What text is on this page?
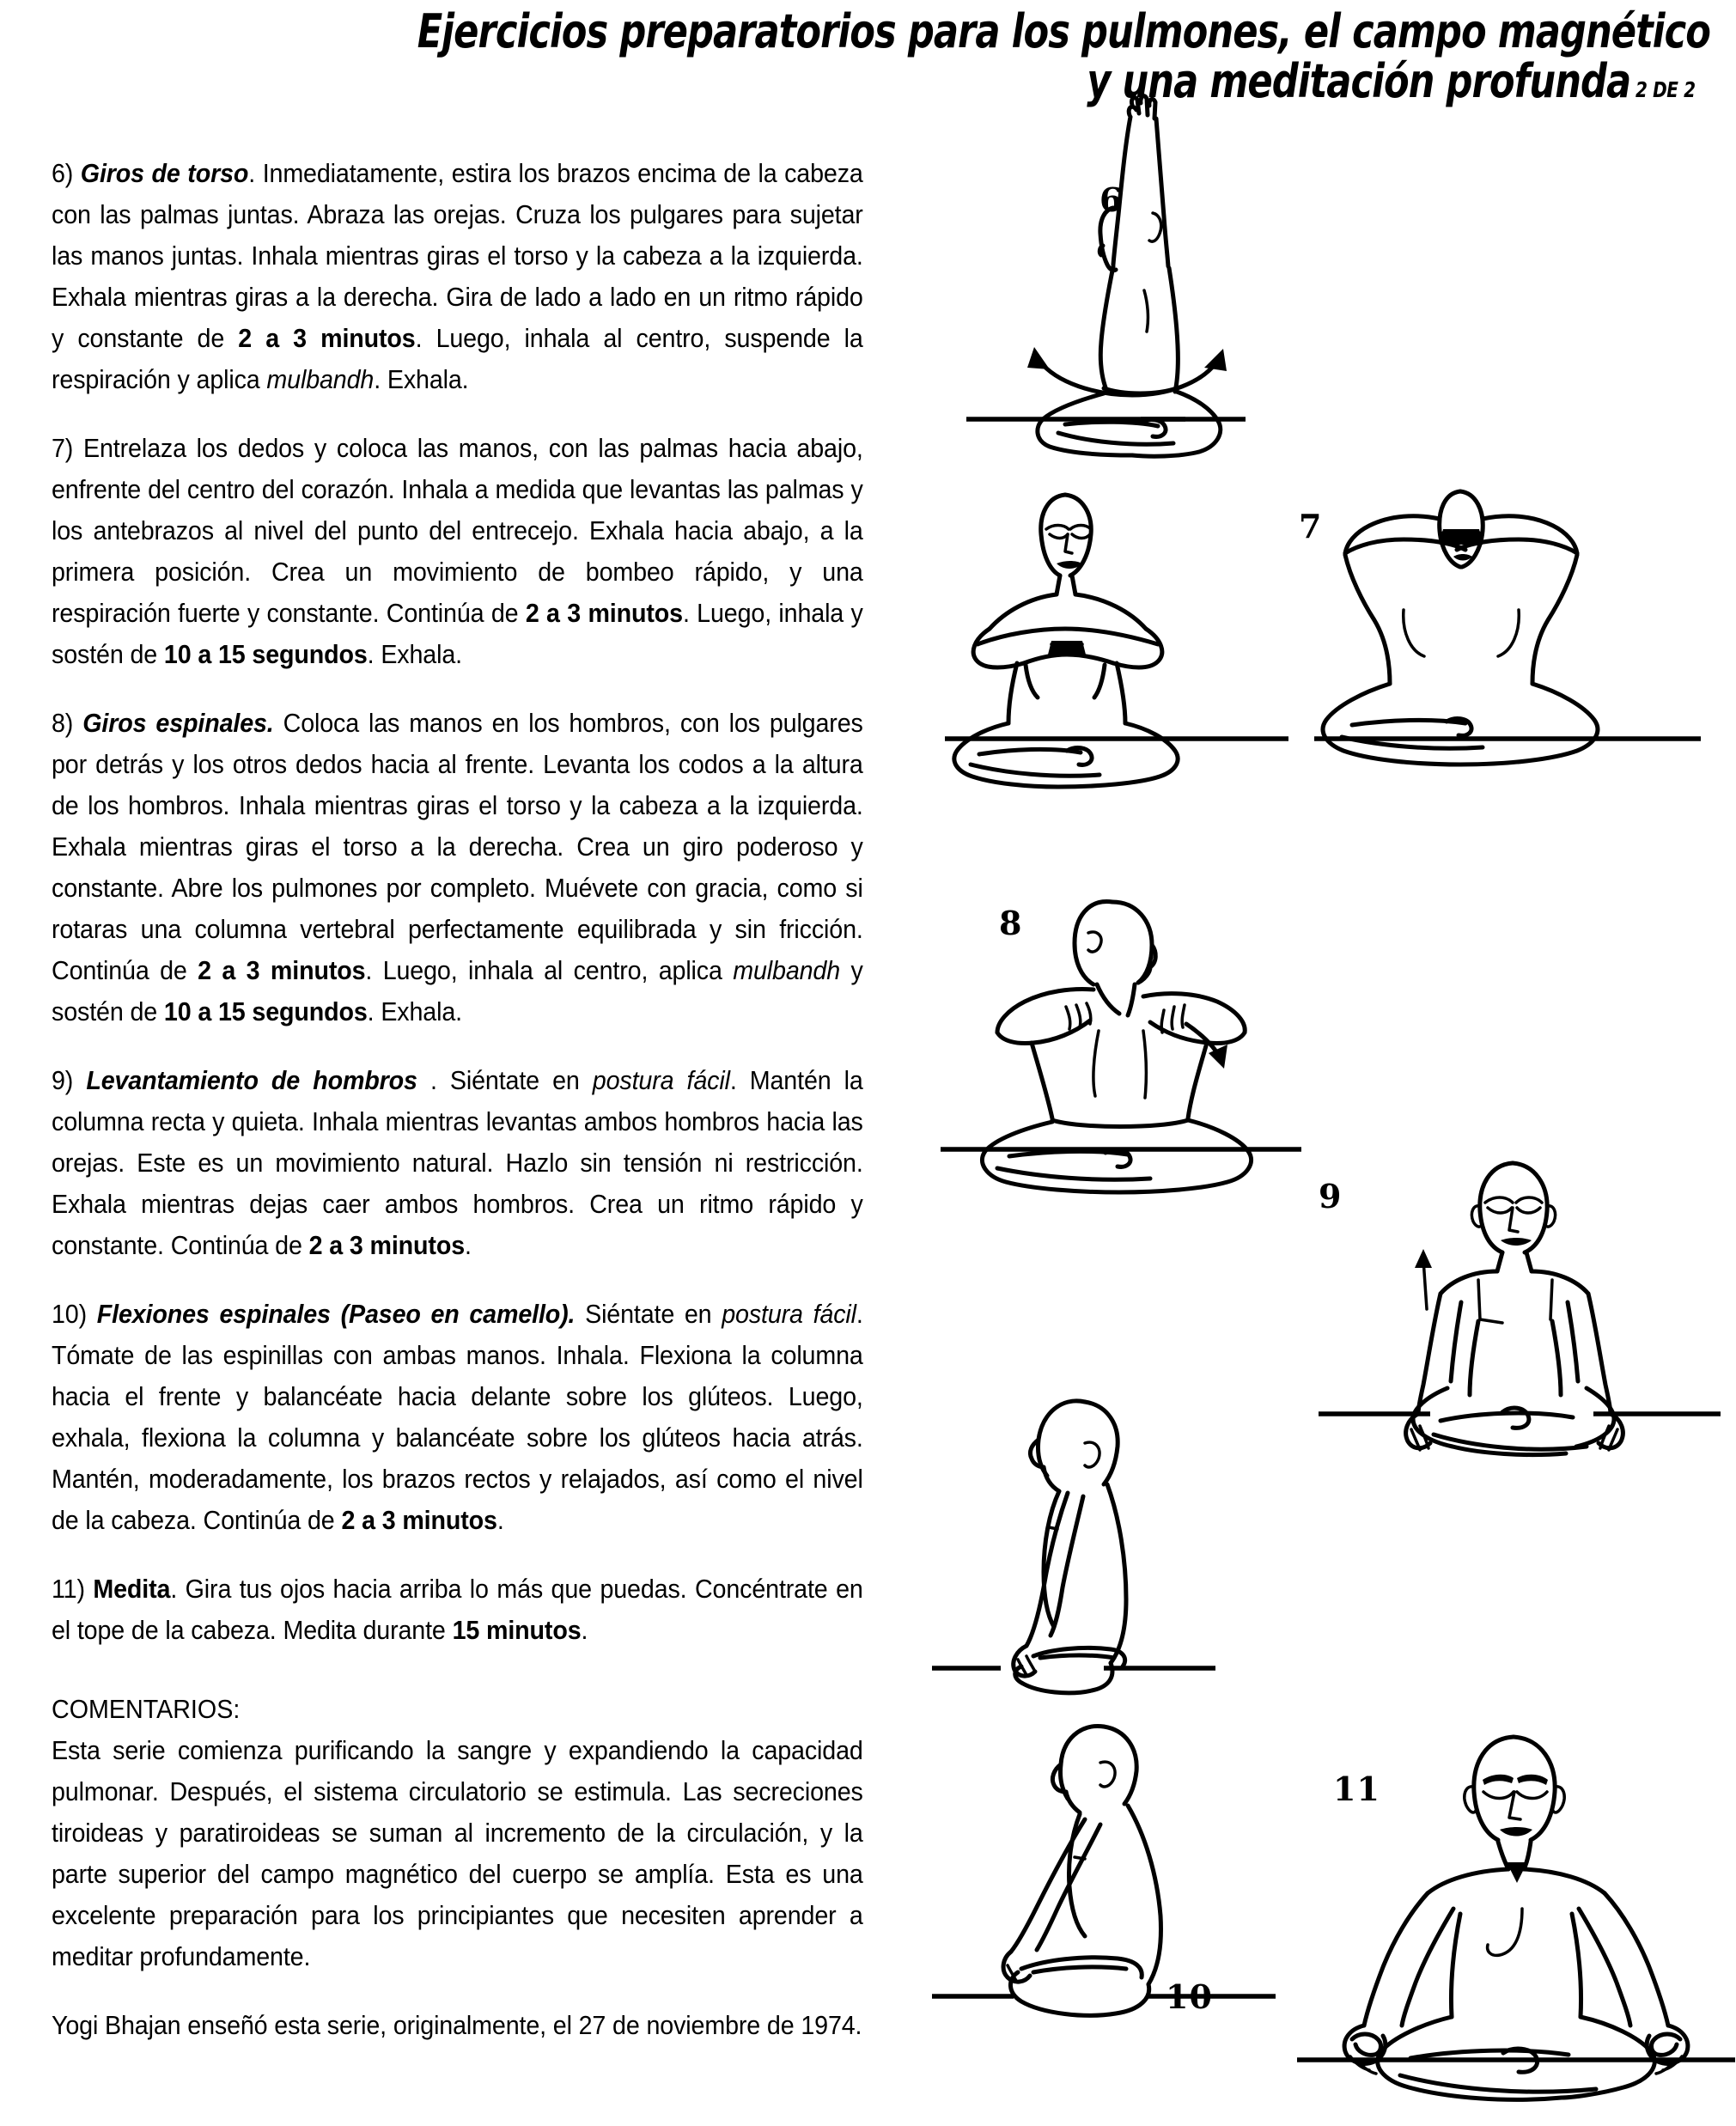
Ejercicios preparatorios para los pulmones, el campo magnético
y una meditación profunda 2 DE 2

6) Giros de torso. Inmediatamente, estira los brazos encima de la cabeza con las palmas juntas. Abraza las orejas. Cruza los pulgares para sujetar las manos juntas. Inhala mientras giras el torso y la cabeza a la izquierda. Exhala mientras giras a la derecha. Gira de lado a lado en un ritmo rápido y constante de 2 a 3 minutos. Luego, inhala al centro, suspende la respiración y aplica mulbandh. Exhala.

7) Entrelaza los dedos y coloca las manos, con las palmas hacia abajo, enfrente del centro del corazón. Inhala a medida que levantas las palmas y los antebrazos al nivel del punto del entrecejo. Exhala hacia abajo, a la primera posición. Crea un movimiento de bombeo rápido, y una respiración fuerte y constante. Continúa de 2 a 3 minutos. Luego, inhala y sostén de 10 a 15 segundos. Exhala.

8) Giros espinales. Coloca las manos en los hombros, con los pulgares por detrás y los otros dedos hacia al frente. Levanta los codos a la altura de los hombros. Inhala mientras giras el torso y la cabeza a la izquierda. Exhala mientras giras el torso a la derecha. Crea un giro poderoso y constante. Abre los pulmones por completo. Muévete con gracia, como si rotaras una columna vertebral perfectamente equilibrada y sin fricción. Continúa de 2 a 3 minutos. Luego, inhala al centro, aplica mulbandh y sostén de 10 a 15 segundos. Exhala.

9) Levantamiento de hombros . Siéntate en postura fácil. Mantén la columna recta y quieta. Inhala mientras levantas ambos hombros hacia las orejas. Este es un movimiento natural. Hazlo sin tensión ni restricción. Exhala mientras dejas caer ambos hombros. Crea un ritmo rápido y constante. Continúa de 2 a 3 minutos.

10) Flexiones espinales (Paseo en camello). Siéntate en postura fácil. Tómate de las espinillas con ambas manos. Inhala. Flexiona la columna hacia el frente y balancéate hacia delante sobre los glúteos. Luego, exhala, flexiona la columna y balancéate sobre los glúteos hacia atrás. Mantén, moderadamente, los brazos rectos y relajados, así como el nivel de la cabeza. Continúa de 2 a 3 minutos.

11) Medita. Gira tus ojos hacia arriba lo más que puedas. Concéntrate en el tope de la cabeza. Medita durante 15 minutos.

COMENTARIOS:

Esta serie comienza purificando la sangre y expandiendo la capacidad pulmonar. Después, el sistema circulatorio se estimula. Las secreciones tiroideas y paratiroideas se suman al incremento de la circulación, y la parte superior del campo magnético del cuerpo se amplía. Esta es una excelente preparación para los principiantes que necesiten aprender a meditar profundamente.

Yogi Bhajan enseñó esta serie, originalmente, el 27 de noviembre de 1974.

6
7
8
9
10
11
